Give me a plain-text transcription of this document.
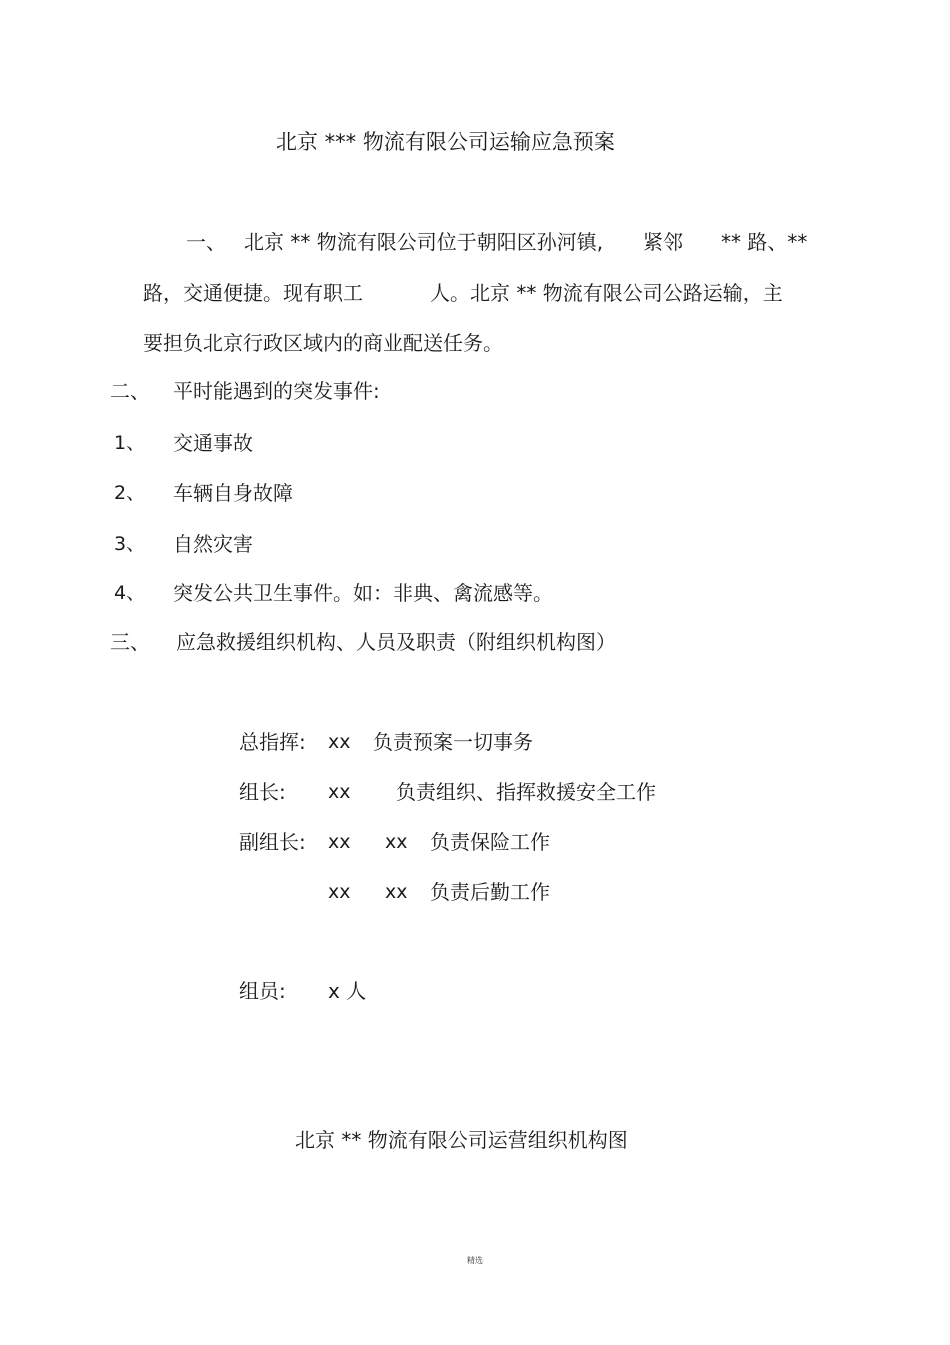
北京 *** 物流有限公司运输应急预案
一、 北京 ** 物流有限公司位于朝阳区孙河镇, 紧邻 ** 路、**
路，交通便捷。现有职工	人。北京 ** 物流有限公司公路运输，主
要担负北京行政区域内的商业配送任务。
二、 平时能遇到的突发事件:
1、 交通事故
2、 车辆自身故障
3、 自然灾害
4、 突发公共卫生事件。如：非典、禽流感等。
三、 应急救援组织机构、人员及职责（附组织机构图）
总指挥: xx 负责预案一切事务
组长: xx 负责组织、指挥救援安全工作
副组长: xx xx 负责保险工作
xx xx 负责后勤工作
组员: x 人
北京 ** 物流有限公司运营组织机构图
精选
